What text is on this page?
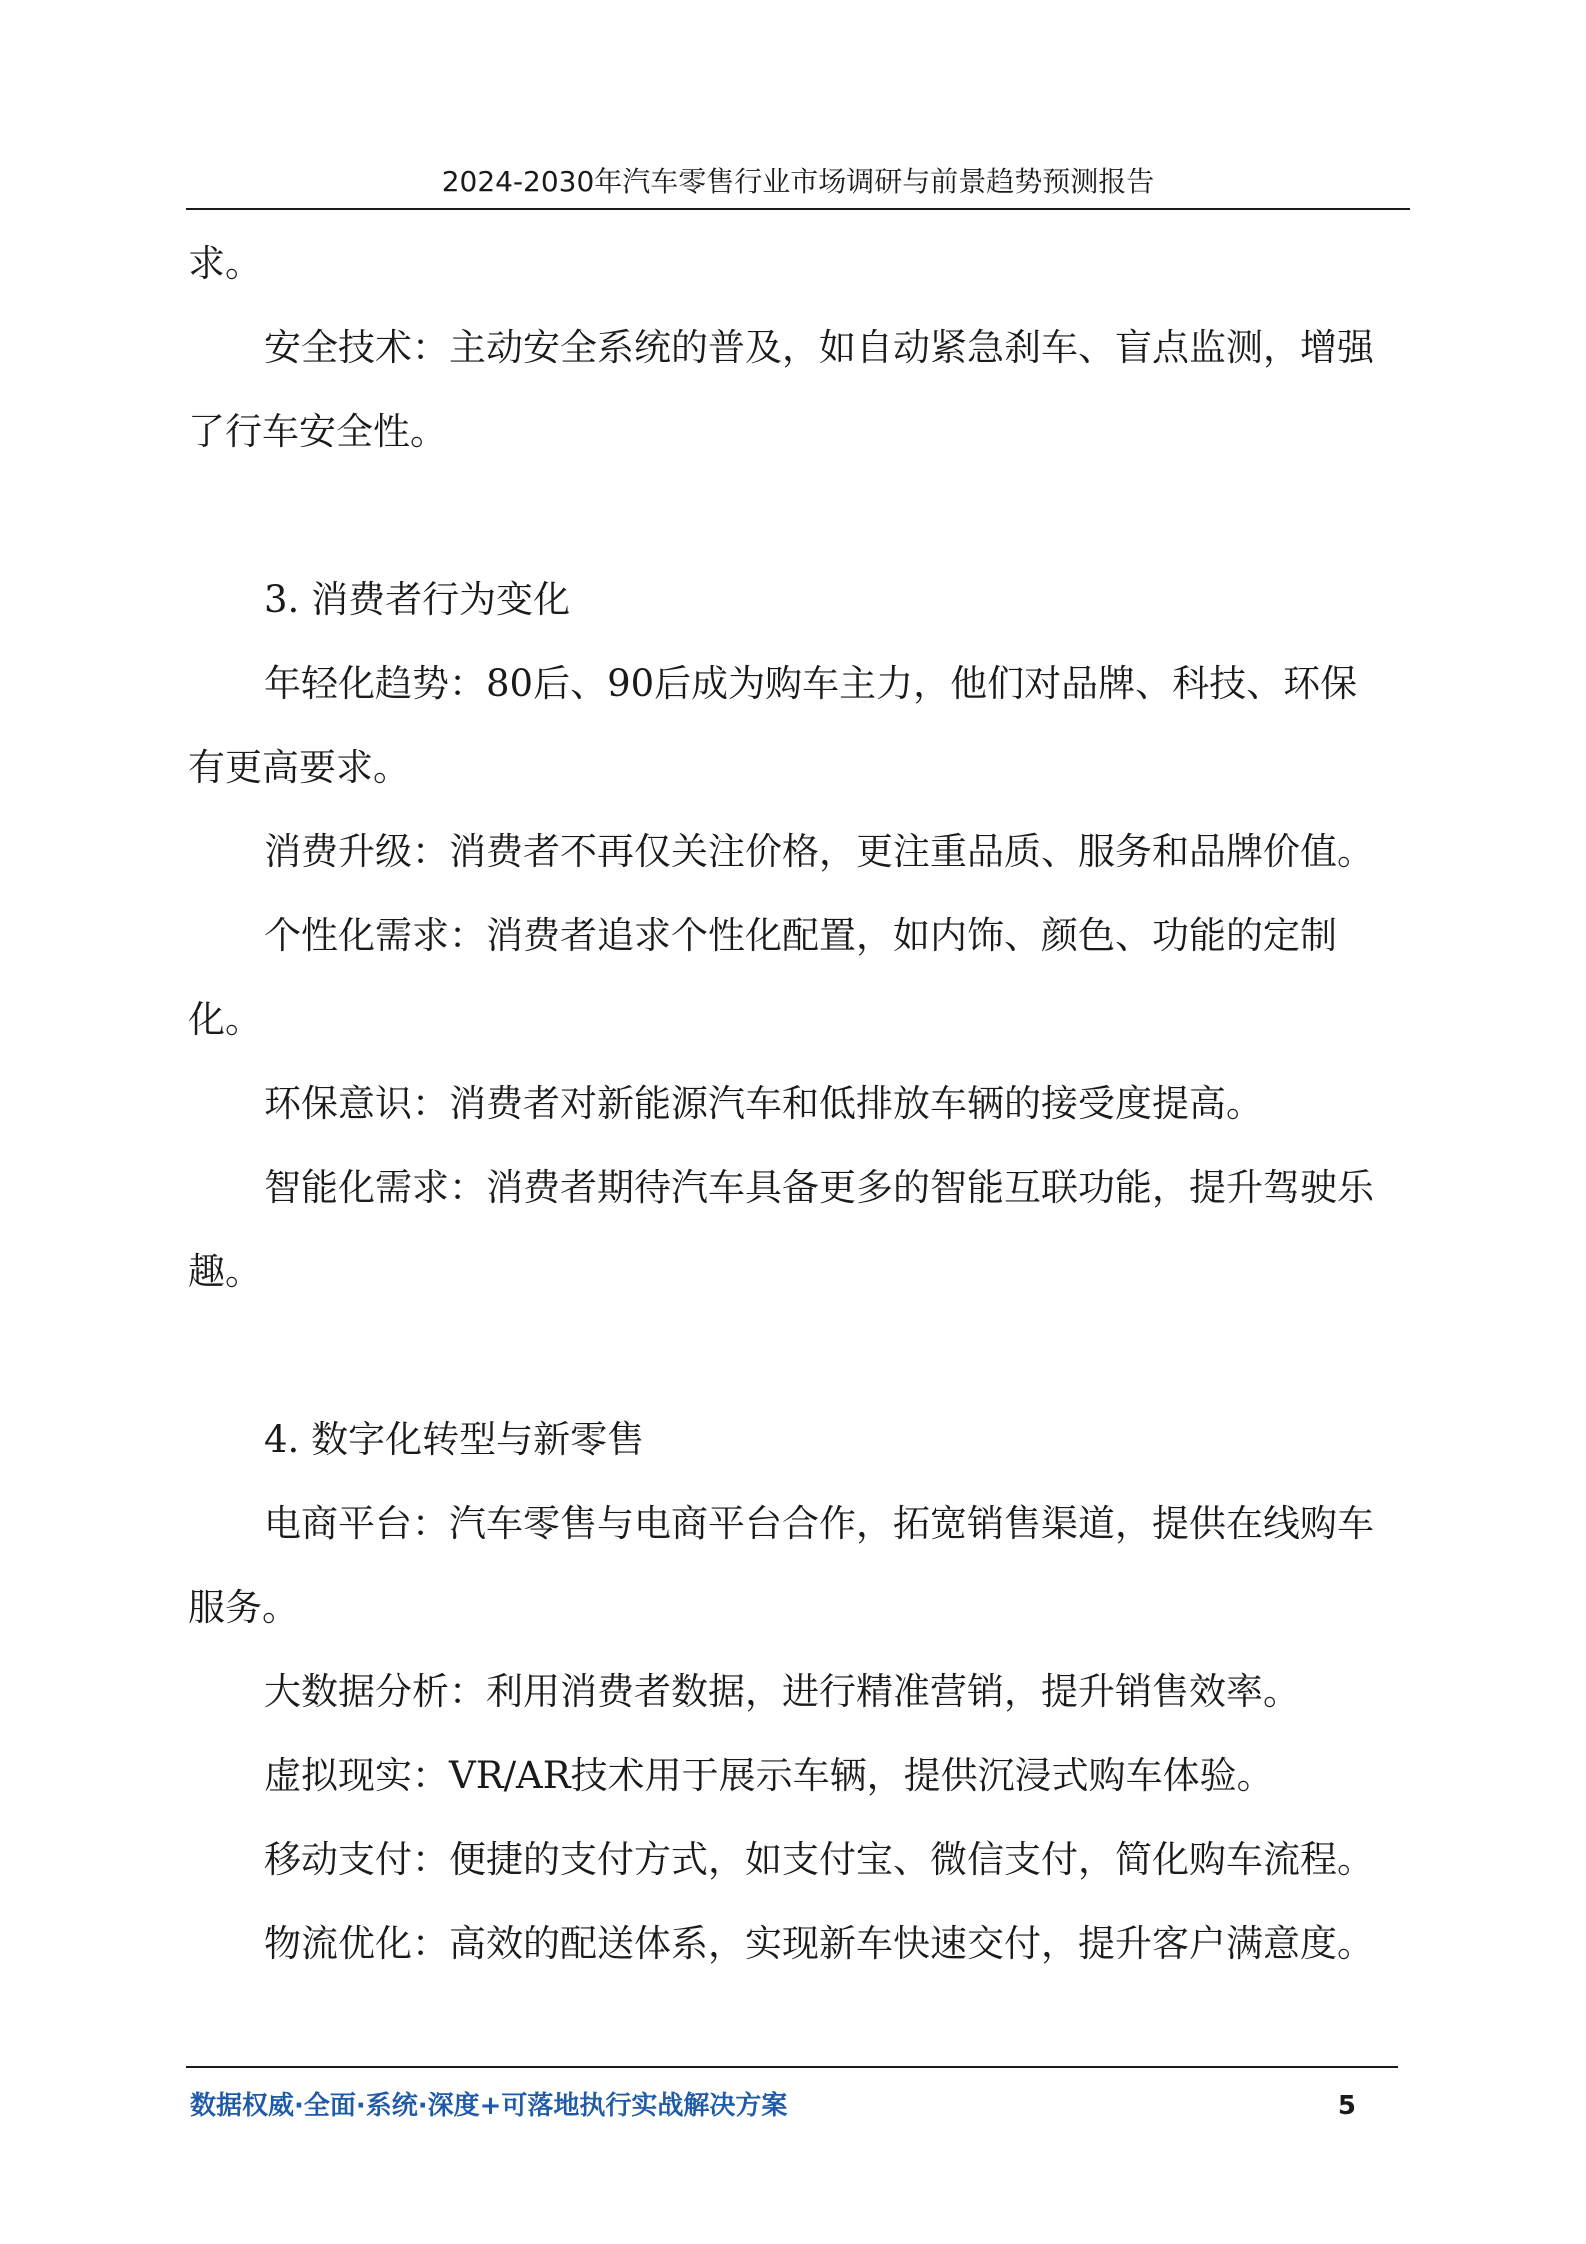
2024-2030年汽车零售行业市场调研与前景趋势预测报告
求。
安全技术：主动安全系统的普及，如自动紧急刹车、盲点监测，增强
了行车安全性。
3. 消费者行为变化
年轻化趋势：80后、90后成为购车主力，他们对品牌、科技、环保
有更高要求。
消费升级：消费者不再仅关注价格，更注重品质、服务和品牌价值。
个性化需求：消费者追求个性化配置，如内饰、颜色、功能的定制
化。
环保意识：消费者对新能源汽车和低排放车辆的接受度提高。
智能化需求：消费者期待汽车具备更多的智能互联功能，提升驾驶乐
趣。
4. 数字化转型与新零售
电商平台：汽车零售与电商平台合作，拓宽销售渠道，提供在线购车
服务。
大数据分析：利用消费者数据，进行精准营销，提升销售效率。
虚拟现实：VR/AR技术用于展示车辆，提供沉浸式购车体验。
移动支付：便捷的支付方式，如支付宝、微信支付，简化购车流程。
物流优化：高效的配送体系，实现新车快速交付，提升客户满意度。
数据权威·全面·系统·深度+可落地执行实战解决方案	5
